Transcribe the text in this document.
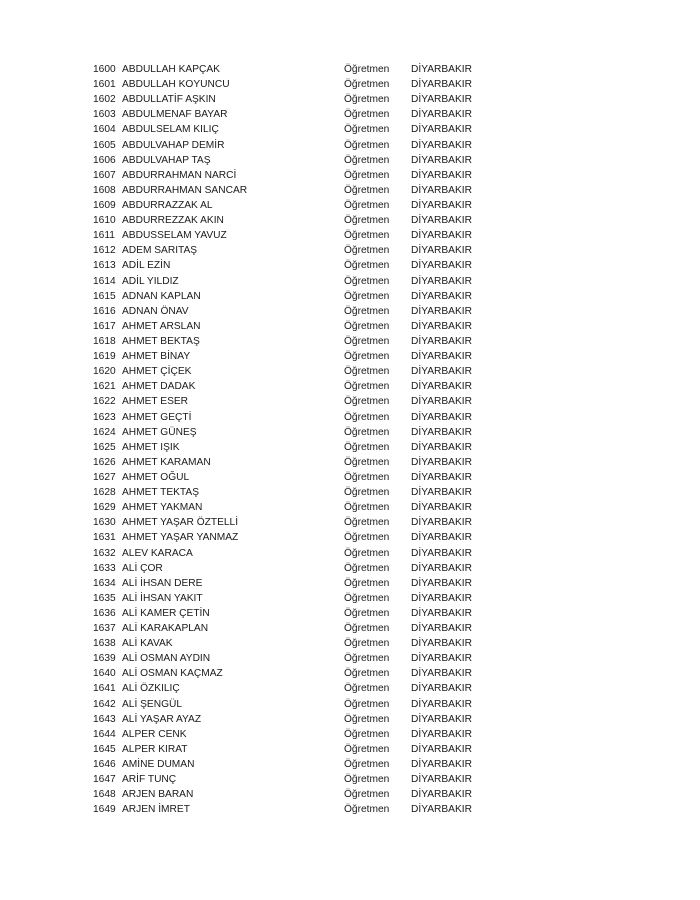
1600 ABDULLAH KAPÇAK	Öğretmen DİYARBAKIR
1601 ABDULLAH KOYUNCU	Öğretmen DİYARBAKIR
1602 ABDULLATİF AŞKIN	Öğretmen DİYARBAKIR
1603 ABDULMENAF BAYAR	Öğretmen DİYARBAKIR
1604 ABDULSELAM KILIÇ	Öğretmen DİYARBAKIR
1605 ABDULVAHAP DEMİR	Öğretmen DİYARBAKIR
1606 ABDULVAHAP TAŞ	Öğretmen DİYARBAKIR
1607 ABDURRAHMAN NARCİ	Öğretmen DİYARBAKIR
1608 ABDURRAHMAN SANCAR	Öğretmen DİYARBAKIR
1609 ABDURRAZZAK AL	Öğretmen DİYARBAKIR
1610 ABDURREZZAK AKIN	Öğretmen DİYARBAKIR
1611 ABDUSSELAM YAVUZ	Öğretmen DİYARBAKIR
1612 ADEM SARITAŞ	Öğretmen DİYARBAKIR
1613 ADİL EZİN	Öğretmen DİYARBAKIR
1614 ADİL YILDIZ	Öğretmen DİYARBAKIR
1615 ADNAN KAPLAN	Öğretmen DİYARBAKIR
1616 ADNAN ÖNAV	Öğretmen DİYARBAKIR
1617 AHMET ARSLAN	Öğretmen DİYARBAKIR
1618 AHMET BEKTAŞ	Öğretmen DİYARBAKIR
1619 AHMET BİNAY	Öğretmen DİYARBAKIR
1620 AHMET ÇİÇEK	Öğretmen DİYARBAKIR
1621 AHMET DADAK	Öğretmen DİYARBAKIR
1622 AHMET ESER	Öğretmen DİYARBAKIR
1623 AHMET GEÇTİ	Öğretmen DİYARBAKIR
1624 AHMET GÜNEŞ	Öğretmen DİYARBAKIR
1625 AHMET IŞIK	Öğretmen DİYARBAKIR
1626 AHMET KARAMAN	Öğretmen DİYARBAKIR
1627 AHMET OĞUL	Öğretmen DİYARBAKIR
1628 AHMET TEKTAŞ	Öğretmen DİYARBAKIR
1629 AHMET YAKMAN	Öğretmen DİYARBAKIR
1630 AHMET YAŞAR ÖZTELLİ	Öğretmen DİYARBAKIR
1631 AHMET YAŞAR YANMAZ	Öğretmen DİYARBAKIR
1632 ALEV KARACA	Öğretmen DİYARBAKIR
1633 ALİ ÇOR	Öğretmen DİYARBAKIR
1634 ALİ İHSAN DERE	Öğretmen DİYARBAKIR
1635 ALİ İHSAN YAKIT	Öğretmen DİYARBAKIR
1636 ALİ KAMER ÇETİN	Öğretmen DİYARBAKIR
1637 ALİ KARAKAPLAN	Öğretmen DİYARBAKIR
1638 ALİ KAVAK	Öğretmen DİYARBAKIR
1639 ALİ OSMAN AYDIN	Öğretmen DİYARBAKIR
1640 ALİ OSMAN KAÇMAZ	Öğretmen DİYARBAKIR
1641 ALİ ÖZKILIÇ	Öğretmen DİYARBAKIR
1642 ALİ ŞENGÜL	Öğretmen DİYARBAKIR
1643 ALİ YAŞAR AYAZ	Öğretmen DİYARBAKIR
1644 ALPER CENK	Öğretmen DİYARBAKIR
1645 ALPER KIRAT	Öğretmen DİYARBAKIR
1646 AMİNE DUMAN	Öğretmen DİYARBAKIR
1647 ARİF TUNÇ	Öğretmen DİYARBAKIR
1648 ARJEN BARAN	Öğretmen DİYARBAKIR
1649 ARJEN İMRET	Öğretmen DİYARBAKIR
